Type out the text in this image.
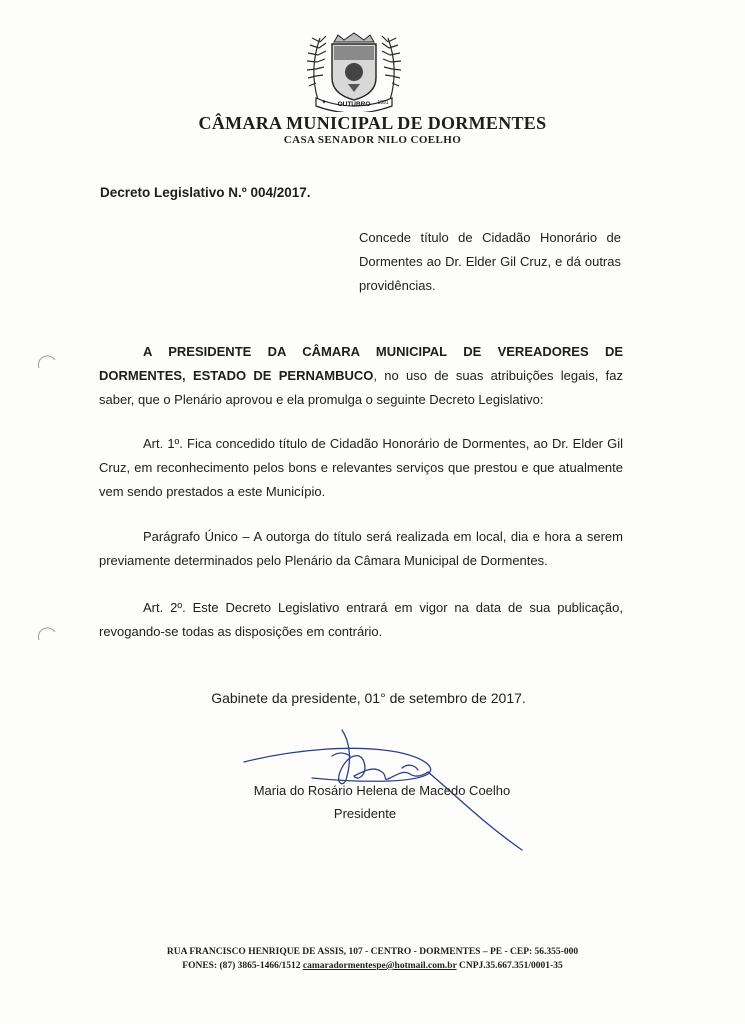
OUTUBRO 1991
✦
CÂMARA MUNICIPAL DE DORMENTES
CASA SENADOR NILO COELHO
Decreto Legislativo N.º 004/2017.
Concede título de Cidadão Honorário de Dormentes ao Dr. Elder Gil Cruz, e dá outras providências.
A PRESIDENTE DA CÂMARA MUNICIPAL DE VEREADORES DE DORMENTES, ESTADO DE PERNAMBUCO, no uso de suas atribuições legais, faz saber, que o Plenário aprovou e ela promulga o seguinte Decreto Legislativo:
Art. 1º. Fica concedido título de Cidadão Honorário de Dormentes, ao Dr. Elder Gil Cruz, em reconhecimento pelos bons e relevantes serviços que prestou e que atualmente vem sendo prestados a este Município.
Parágrafo Único – A outorga do título será realizada em local, dia e hora a serem previamente determinados pelo Plenário da Câmara Municipal de Dormentes.
Art. 2º. Este Decreto Legislativo entrará em vigor na data de sua publicação, revogando-se todas as disposições em contrário.
Gabinete da presidente, 01° de setembro de 2017.
Maria do Rosário Helena de Macedo Coelho
Presidente
RUA FRANCISCO HENRIQUE DE ASSIS, 107 - CENTRO - DORMENTES – PE - CEP: 56.355-000
FONES: (87) 3865-1466/1512 camaradormentespe@hotmail.com.br CNPJ.35.667.351/0001-35
